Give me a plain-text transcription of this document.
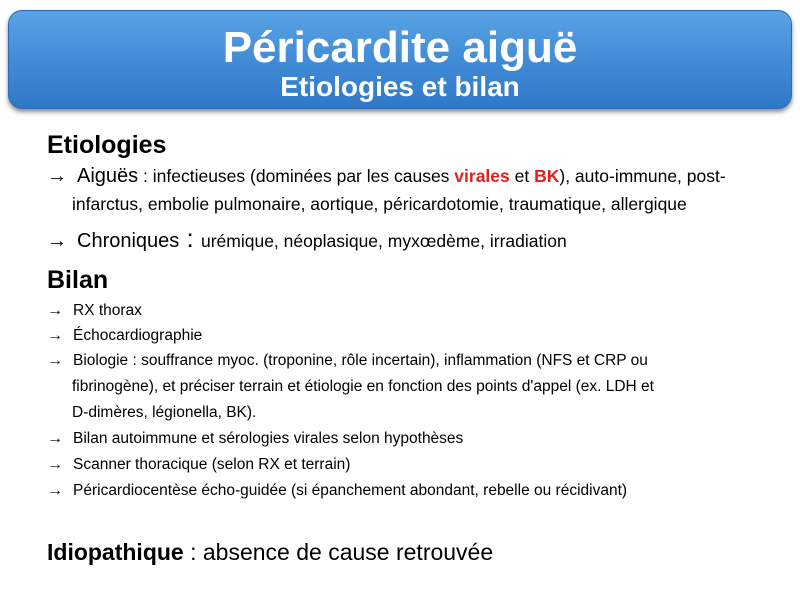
Péricardite aiguë
Etiologies et bilan
Etiologies
→ Aiguës : infectieuses (dominées par les causes virales et BK), auto-immune, post-
infarctus, embolie pulmonaire, aortique, péricardotomie, traumatique, allergique
→ Chroniques : urémique, néoplasique, myxœdème, irradiation
Bilan
→ RX thorax
→ Échocardiographie
→ Biologie : souffrance myoc. (troponine, rôle incertain), inflammation (NFS et CRP ou
fibrinogène), et préciser terrain et étiologie en fonction des points d'appel (ex. LDH et
D-dimères, légionella, BK).
→ Bilan autoimmune et sérologies virales selon hypothèses
→ Scanner thoracique (selon RX et terrain)
→ Péricardiocentèse écho-guidée (si épanchement abondant, rebelle ou récidivant)
Idiopathique : absence de cause retrouvée
